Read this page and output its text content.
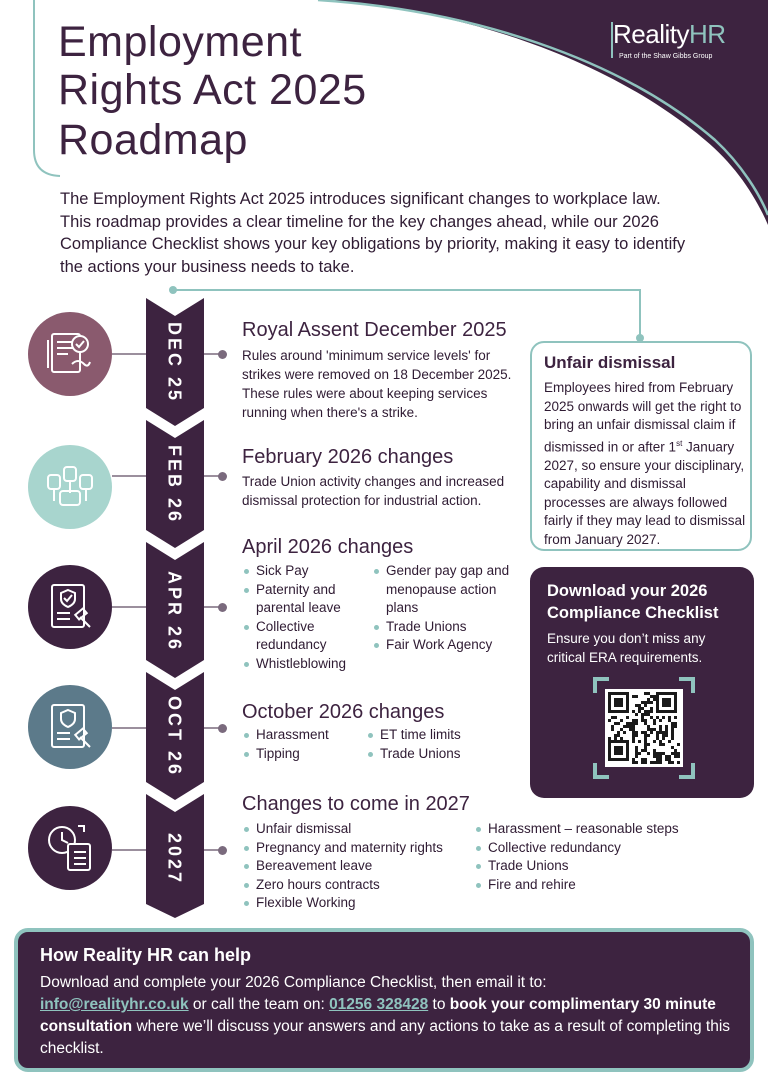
Employment
Rights Act 2025
Roadmap
RealityHR
Part of the Shaw Gibbs Group

The Employment Rights Act 2025 introduces significant changes to workplace law.

This roadmap provides a clear timeline for the key changes ahead, while our 2026

Compliance Checklist shows your key obligations by priority, making it easy to identify

the actions your business needs to take.

DEC 25
FEB 26
APR 26
OCT 26
2027
Royal Assent December 2025
Rules around 'minimum service levels' for strikes were removed on 18 December 2025. These rules were about keeping services running when there's a strike.
February 2026 changes
Trade Union activity changes and increased dismissal protection for industrial action.
April 2026 changes
Sick Pay
Paternity and parental leave
Collective redundancy
Whistleblowing
Gender pay gap and menopause action plans
Trade Unions
Fair Work Agency
October 2026 changes
Harassment
Tipping
ET time limits
Trade Unions
Changes to come in 2027
Unfair dismissal
Pregnancy and maternity rights
Bereavement leave
Zero hours contracts
Flexible Working
Harassment – reasonable steps
Collective redundancy
Trade Unions
Fire and rehire
Unfair dismissal
Employees hired from February 2025 onwards will get the right to bring an unfair dismissal claim if dismissed in or after 1st January 2027, so ensure your disciplinary, capability and dismissal processes are always followed fairly if they may lead to dismissal from January 2027.
Download your 2026 Compliance Checklist
Ensure you don’t miss any critical ERA requirements.
How Reality HR can help
Download and complete your 2026 Compliance Checklist, then email it to:
info@realityhr.co.uk or call the team on: 01256 328428 to book your complimentary 30 minute consultation where we’ll discuss your answers and any actions to take as a result of completing this checklist.
